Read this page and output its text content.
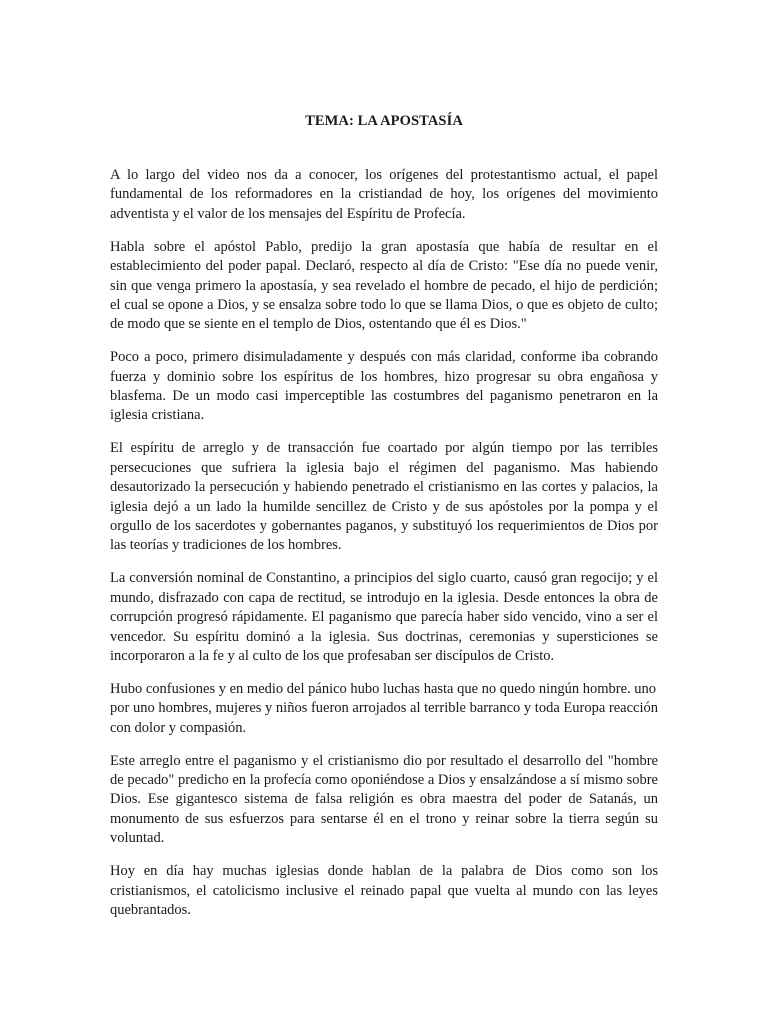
TEMA: LA APOSTASÍA

A lo largo del video nos da a conocer, los orígenes del protestantismo actual, el papel fundamental de los reformadores en la cristiandad de hoy, los orígenes del movimiento adventista y el valor de los mensajes del Espíritu de Profecía.

Habla sobre el apóstol Pablo, predijo la gran apostasía que había de resultar en el establecimiento del poder papal. Declaró, respecto al día de Cristo: "Ese día no puede venir, sin que venga primero la apostasía, y sea revelado el hombre de pecado, el hijo de perdición; el cual se opone a Dios, y se ensalza sobre todo lo que se llama Dios, o que es objeto de culto; de modo que se siente en el templo de Dios, ostentando que él es Dios."

Poco a poco, primero disimuladamente y después con más claridad, conforme iba cobrando fuerza y dominio sobre los espíritus de los hombres, hizo progresar su obra engañosa y blasfema. De un modo casi imperceptible las costumbres del paganismo penetraron en la iglesia cristiana.

El espíritu de arreglo y de transacción fue coartado por algún tiempo por las terribles persecuciones que sufriera la iglesia bajo el régimen del paganismo. Mas habiendo desautorizado la persecución y habiendo penetrado el cristianismo en las cortes y palacios, la iglesia dejó a un lado la humilde sencillez de Cristo y de sus apóstoles por la pompa y el orgullo de los sacerdotes y gobernantes paganos, y substituyó los requerimientos de Dios por las teorías y tradiciones de los hombres.

La conversión nominal de Constantino, a principios del siglo cuarto, causó gran regocijo; y el mundo, disfrazado con capa de rectitud, se introdujo en la iglesia. Desde entonces la obra de corrupción progresó rápidamente. El paganismo que parecía haber sido vencido, vino a ser el vencedor. Su espíritu dominó a la iglesia. Sus doctrinas, ceremonias y supersticiones se incorporaron a la fe y al culto de los que profesaban ser discípulos de Cristo.

Hubo confusiones y en medio del pánico hubo luchas hasta que no quedo ningún hombre. uno por uno hombres, mujeres y niños fueron arrojados al terrible barranco y toda Europa reacción con dolor y compasión.

Este arreglo entre el paganismo y el cristianismo dio por resultado el desarrollo del "hombre de pecado" predicho en la profecía como oponiéndose a Dios y ensalzándose a sí mismo sobre Dios. Ese gigantesco sistema de falsa religión es obra maestra del poder de Satanás, un monumento de sus esfuerzos para sentarse él en el trono y reinar sobre la tierra según su voluntad.

Hoy en día hay muchas iglesias donde hablan de la palabra de Dios como son los cristianismos, el catolicismo inclusive el reinado papal que vuelta al mundo con las leyes quebrantados.
